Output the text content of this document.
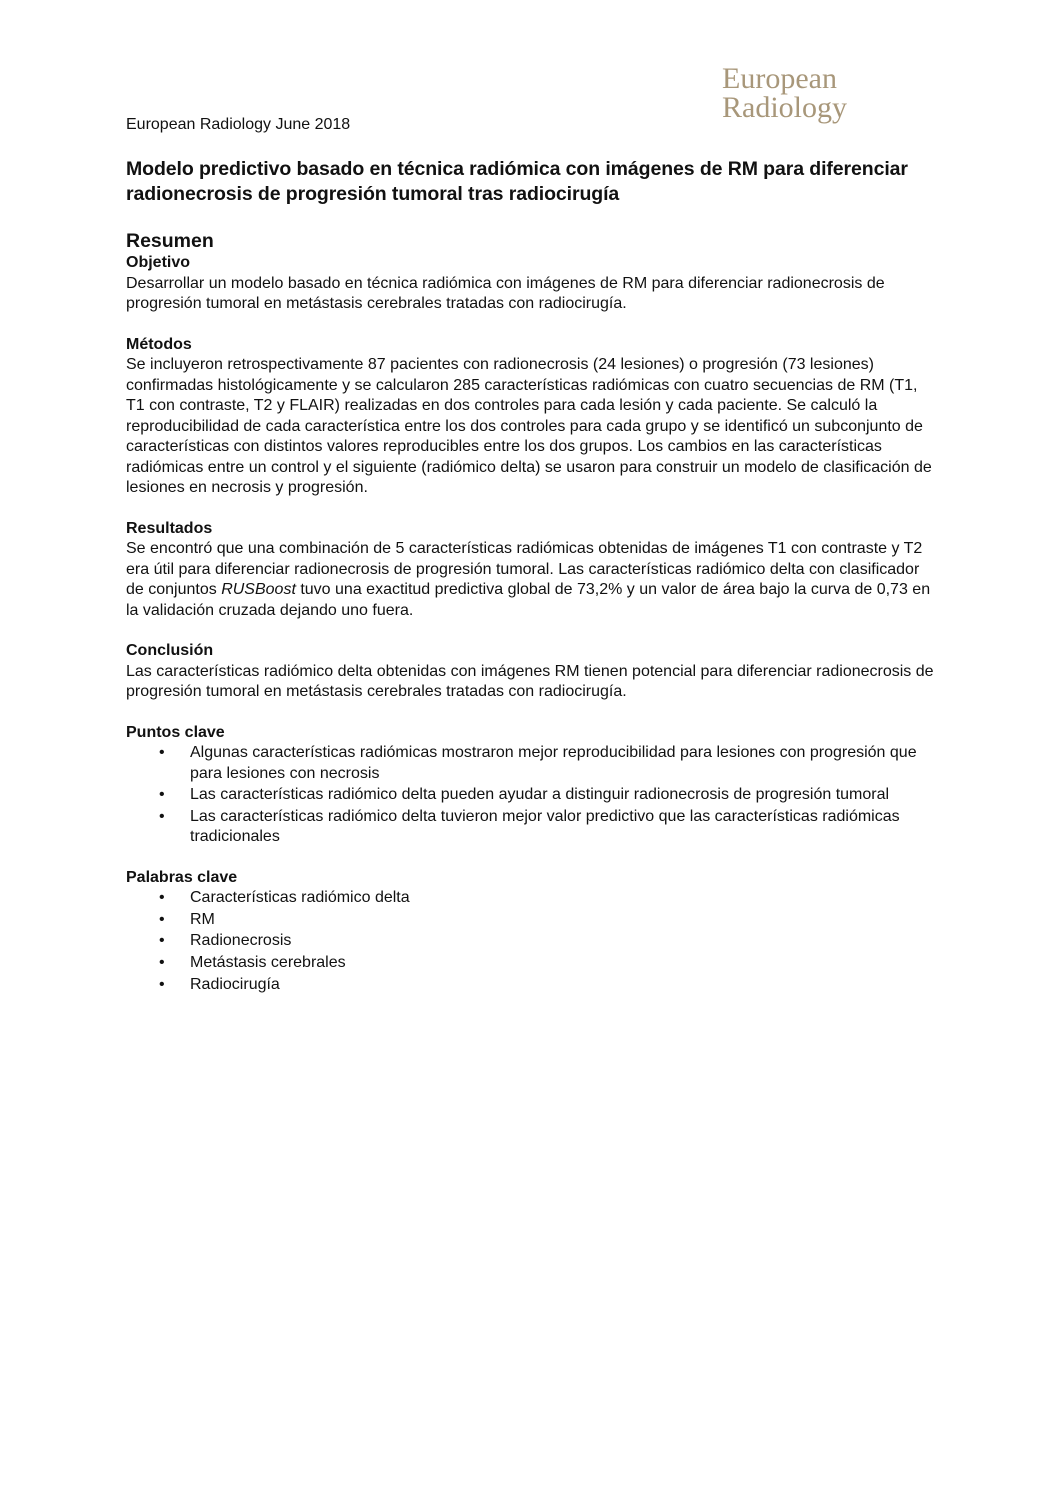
European
Radiology
European Radiology June 2018
Modelo predictivo basado en técnica radiómica con imágenes de RM para diferenciar radionecrosis de progresión tumoral tras radiocirugía
Resumen
Objetivo

Desarrollar un modelo basado en técnica radiómica con imágenes de RM para diferenciar radionecrosis de progresión tumoral en metástasis cerebrales tratadas con radiocirugía.

Métodos

Se incluyeron retrospectivamente 87 pacientes con radionecrosis (24 lesiones) o progresión (73 lesiones) confirmadas histológicamente y se calcularon 285 características radiómicas con cuatro secuencias de RM (T1, T1 con contraste, T2 y FLAIR) realizadas en dos controles para cada lesión y cada paciente. Se calculó la reproducibilidad de cada característica entre los dos controles para cada grupo y se identificó un subconjunto de características con distintos valores reproducibles entre los dos grupos. Los cambios en las características radiómicas entre un control y el siguiente (radiómico delta) se usaron para construir un modelo de clasificación de lesiones en necrosis y progresión.

Resultados

Se encontró que una combinación de 5 características radiómicas obtenidas de imágenes T1 con contraste y T2 era útil para diferenciar radionecrosis de progresión tumoral. Las características radiómico delta con clasificador de conjuntos RUSBoost tuvo una exactitud predictiva global de 73,2% y un valor de área bajo la curva de 0,73 en la validación cruzada dejando uno fuera.

Conclusión

Las características radiómico delta obtenidas con imágenes RM tienen potencial para diferenciar radionecrosis de progresión tumoral en metástasis cerebrales tratadas con radiocirugía.

Puntos clave
• Algunas características radiómicas mostraron mejor reproducibilidad para lesiones con progresión que para lesiones con necrosis
• Las características radiómico delta pueden ayudar a distinguir radionecrosis de progresión tumoral
• Las características radiómico delta tuvieron mejor valor predictivo que las características radiómicas tradicionales
Palabras clave
• Características radiómico delta
• RM
• Radionecrosis
• Metástasis cerebrales
• Radiocirugía
